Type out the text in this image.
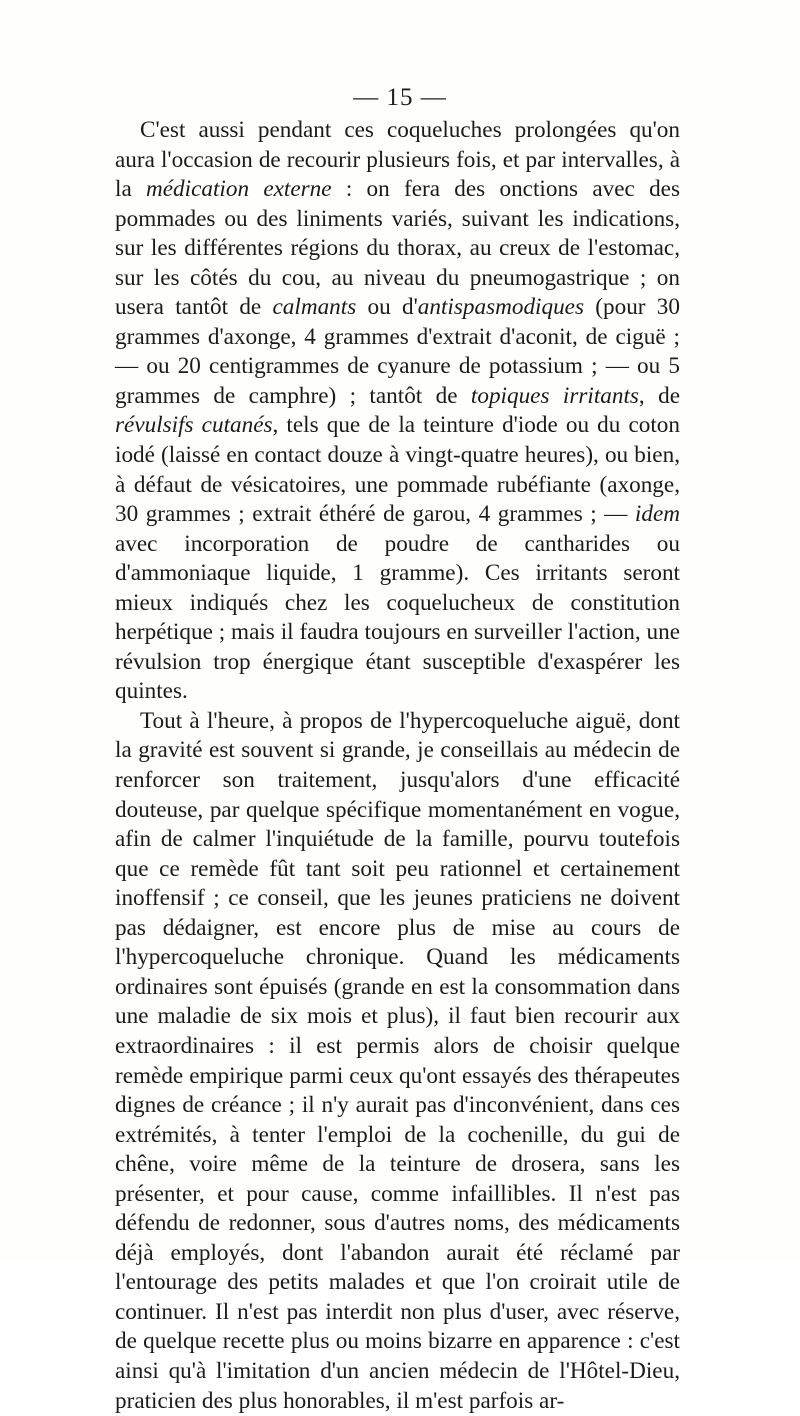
— 15 —

C'est aussi pendant ces coqueluches prolongées qu'on aura l'occasion de recourir plusieurs fois, et par intervalles, à la médication externe : on fera des onctions avec des pommades ou des liniments variés, suivant les indications, sur les différentes régions du thorax, au creux de l'estomac, sur les côtés du cou, au niveau du pneumogastrique ; on usera tantôt de calmants ou d'antispasmodiques (pour 30 grammes d'axonge, 4 grammes d'extrait d'aconit, de ciguë ; — ou 20 centigrammes de cyanure de potassium ; — ou 5 grammes de camphre) ; tantôt de topiques irritants, de révulsifs cutanés, tels que de la teinture d'iode ou du coton iodé (laissé en contact douze à vingt-quatre heures), ou bien, à défaut de vésicatoires, une pommade rubéfiante (axonge, 30 grammes ; extrait éthéré de garou, 4 grammes ; — idem avec incorporation de poudre de cantharides ou d'ammoniaque liquide, 1 gramme). Ces irritants seront mieux indiqués chez les coquelucheux de constitution herpétique ; mais il faudra toujours en surveiller l'action, une révulsion trop énergique étant susceptible d'exaspérer les quintes.

Tout à l'heure, à propos de l'hypercoqueluche aiguë, dont la gravité est souvent si grande, je conseillais au médecin de renforcer son traitement, jusqu'alors d'une efficacité douteuse, par quelque spécifique momentanément en vogue, afin de calmer l'inquiétude de la famille, pourvu toutefois que ce remède fût tant soit peu rationnel et certainement inoffensif ; ce conseil, que les jeunes praticiens ne doivent pas dédaigner, est encore plus de mise au cours de l'hypercoqueluche chronique. Quand les médicaments ordinaires sont épuisés (grande en est la consommation dans une maladie de six mois et plus), il faut bien recourir aux extraordinaires : il est permis alors de choisir quelque remède empirique parmi ceux qu'ont essayés des thérapeutes dignes de créance ; il n'y aurait pas d'inconvénient, dans ces extrémités, à tenter l'emploi de la cochenille, du gui de chêne, voire même de la teinture de drosera, sans les présenter, et pour cause, comme infaillibles. Il n'est pas défendu de redonner, sous d'autres noms, des médicaments déjà employés, dont l'abandon aurait été réclamé par l'entourage des petits malades et que l'on croirait utile de continuer. Il n'est pas interdit non plus d'user, avec réserve, de quelque recette plus ou moins bizarre en apparence : c'est ainsi qu'à l'imitation d'un ancien médecin de l'Hôtel-Dieu, praticien des plus honorables, il m'est parfois ar-
